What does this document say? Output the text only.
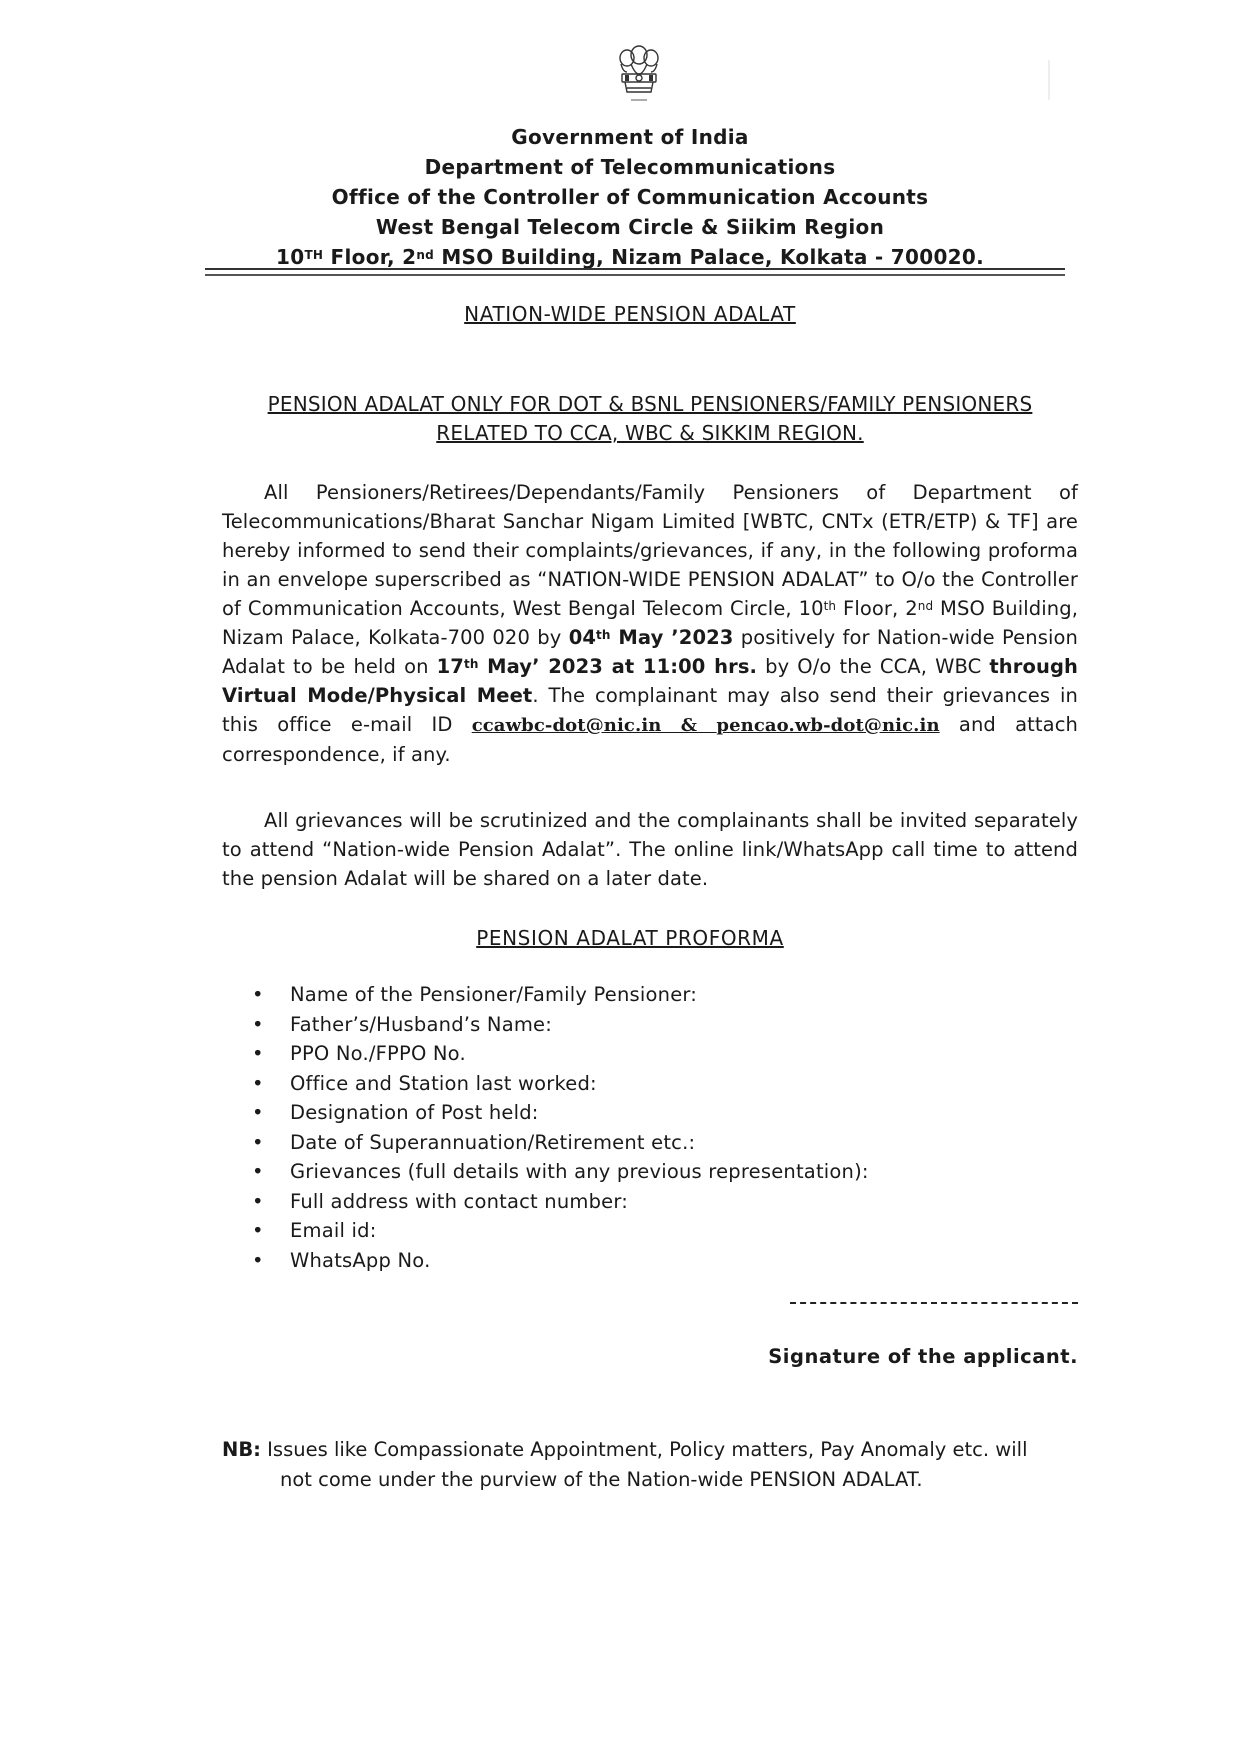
Government of India
Department of Telecommunications
Office of the Controller of Communication Accounts
West Bengal Telecom Circle & Siikim Region
10TH Floor, 2nd MSO Building, Nizam Palace, Kolkata - 700020.
NATION-WIDE PENSION ADALAT
PENSION ADALAT ONLY FOR DOT & BSNL PENSIONERS/FAMILY PENSIONERS
RELATED TO CCA, WBC & SIKKIM REGION.
All Pensioners/Retirees/Dependants/Family Pensioners of Department of Telecommunications/Bharat Sanchar Nigam Limited [WBTC, CNTx (ETR/ETP) & TF] are hereby informed to send their complaints/grievances, if any, in the following proforma in an envelope superscribed as “NATION-WIDE PENSION ADALAT” to O/o the Controller of Communication Accounts, West Bengal Telecom Circle, 10th Floor, 2nd MSO Building, Nizam Palace, Kolkata-700 020 by 04th May ’2023 positively for Nation-wide Pension Adalat to be held on 17th May’ 2023 at 11:00 hrs. by O/o the CCA, WBC through Virtual Mode/Physical Meet. The complainant may also send their grievances in this office e-mail ID ccawbc-dot@nic.in & pencao.wb-dot@nic.in and attach correspondence, if any.
All grievances will be scrutinized and the complainants shall be invited separately to attend “Nation-wide Pension Adalat”. The online link/WhatsApp call time to attend the pension Adalat will be shared on a later date.
PENSION ADALAT PROFORMA
• Name of the Pensioner/Family Pensioner:
• Father’s/Husband’s Name:
• PPO No./FPPO No.
• Office and Station last worked:
• Designation of Post held:
• Date of Superannuation/Retirement etc.:
• Grievances (full details with any previous representation):
• Full address with contact number:
• Email id:
• WhatsApp No.
Signature of the applicant.
NB: Issues like Compassionate Appointment, Policy matters, Pay Anomaly etc. will
not come under the purview of the Nation-wide PENSION ADALAT.
